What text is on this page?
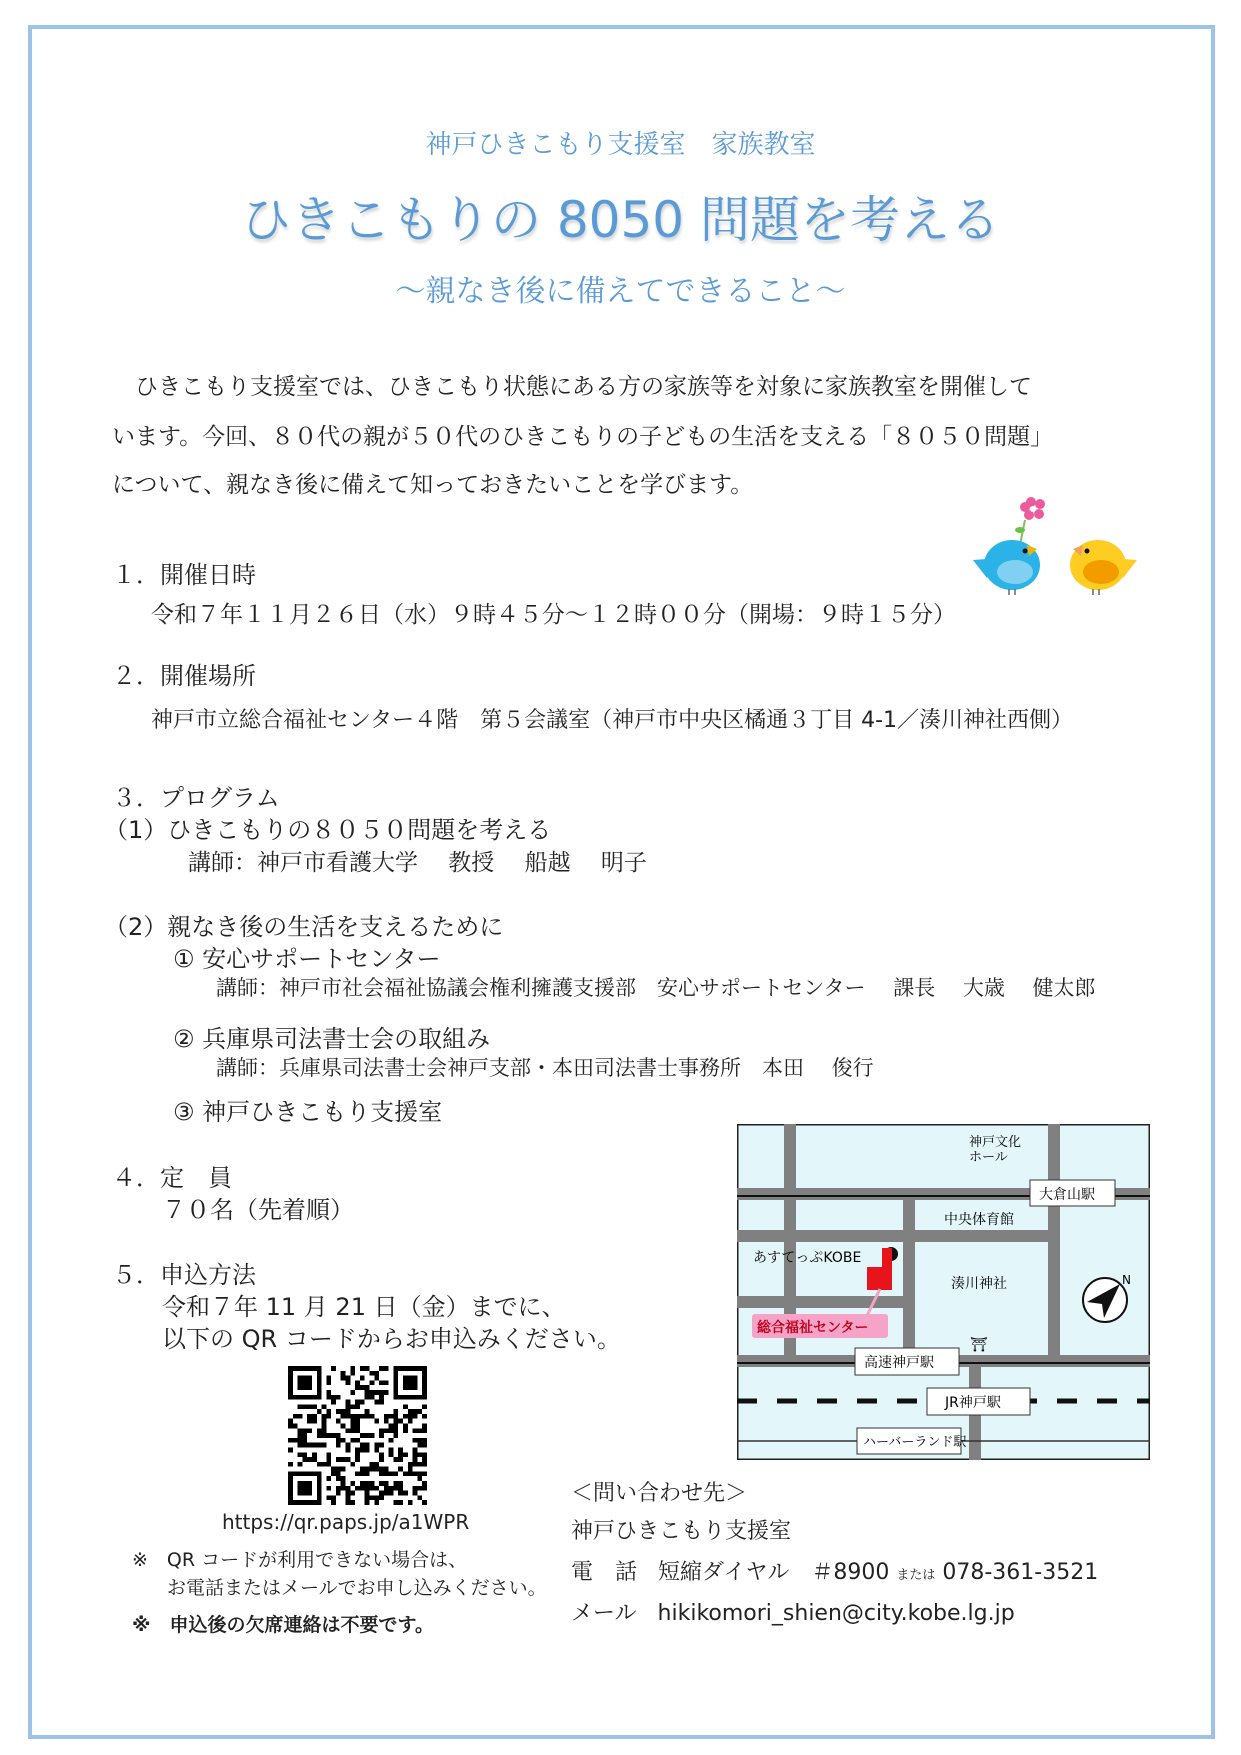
神戸ひきこもり支援室　家族教室
ひきこもりの 8050 問題を考える
～親なき後に備えてできること～
　ひきこもり支援室では、ひきこもり状態にある方の家族等を対象に家族教室を開催して
います。今回、８０代の親が５０代のひきこもりの子どもの生活を支える「８０５０問題」
について、親なき後に備えて知っておきたいことを学びます。
１．開催日時
令和７年１１月２６日（水）９時４５分～１２時００分（開場：９時１５分）
２．開催場所
神戸市立総合福祉センター４階　第５会議室（神戸市中央区橘通３丁目 4-1／湊川神社西側）
３．プログラム
（1）ひきこもりの８０５０問題を考える
講師：神戸市看護大学　 教授　 船越　 明子
（2）親なき後の生活を支えるために
① 安心サポートセンター
講師：神戸市社会福祉協議会権利擁護支援部　安心サポートセンター　 課長　 大歳　 健太郎
② 兵庫県司法書士会の取組み
講師：兵庫県司法書士会神戸支部・本田司法書士事務所　本田　 俊行
③ 神戸ひきこもり支援室
４．定　員
７０名（先着順）
５．申込方法
令和７年 11 月 21 日（金）までに、
以下の QR コードからお申込みください。
https://qr.paps.jp/a1WPR
※　QR コードが利用できない場合は、
お電話またはメールでお申し込みください。
※　申込後の欠席連絡は不要です。
＜問い合わせ先＞
神戸ひきこもり支援室
電　話 短縮ダイヤル　＃8900 または 078-361-3521
メール hikikomori_shien@city.kobe.lg.jp
神戸文化
ホール
大倉山駅
中央体育館
あすてっぷKOBE
総合福祉センター
湊川神社
⛩
高速神戸駅
JR神戸駅
ハーバーランド駅
N
